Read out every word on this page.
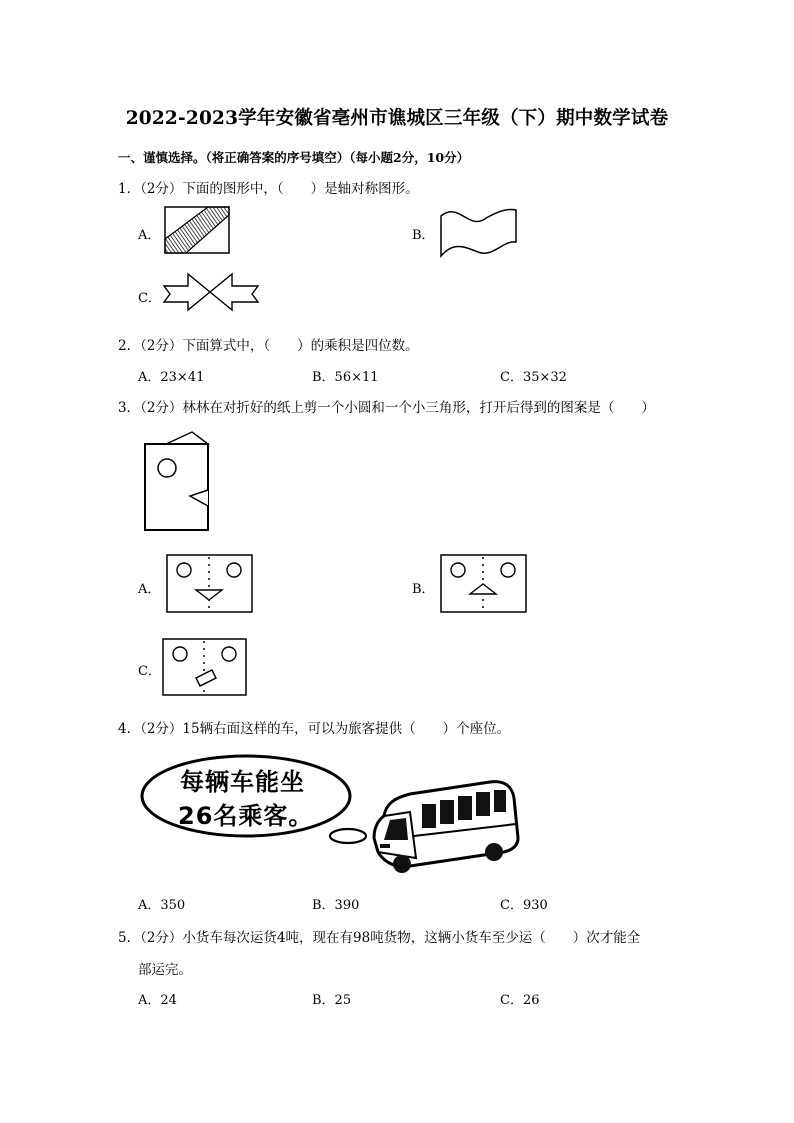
2022-2023学年安徽省亳州市谯城区三年级（下）期中数学试卷
一、谨慎选择。（将正确答案的序号填空）（每小题2分，10分）
1．（2分）下面的图形中，（　　）是轴对称图形。
A．	B．
C．
2．（2分）下面算式中，（　　）的乘积是四位数。
A．23×41	B．56×11	C．35×32
3．（2分）林林在对折好的纸上剪一个小圆和一个小三角形，打开后得到的图案是（　　）
A．	B．
C．
4．（2分）15辆右面这样的车，可以为旅客提供（　　）个座位。
每辆车能坐
26名乘客。
A．350	B．390	C．930
5．（2分）小货车每次运货4吨，现在有98吨货物，这辆小货车至少运（　　）次才能全
部运完。
A．24	B．25	C．26
